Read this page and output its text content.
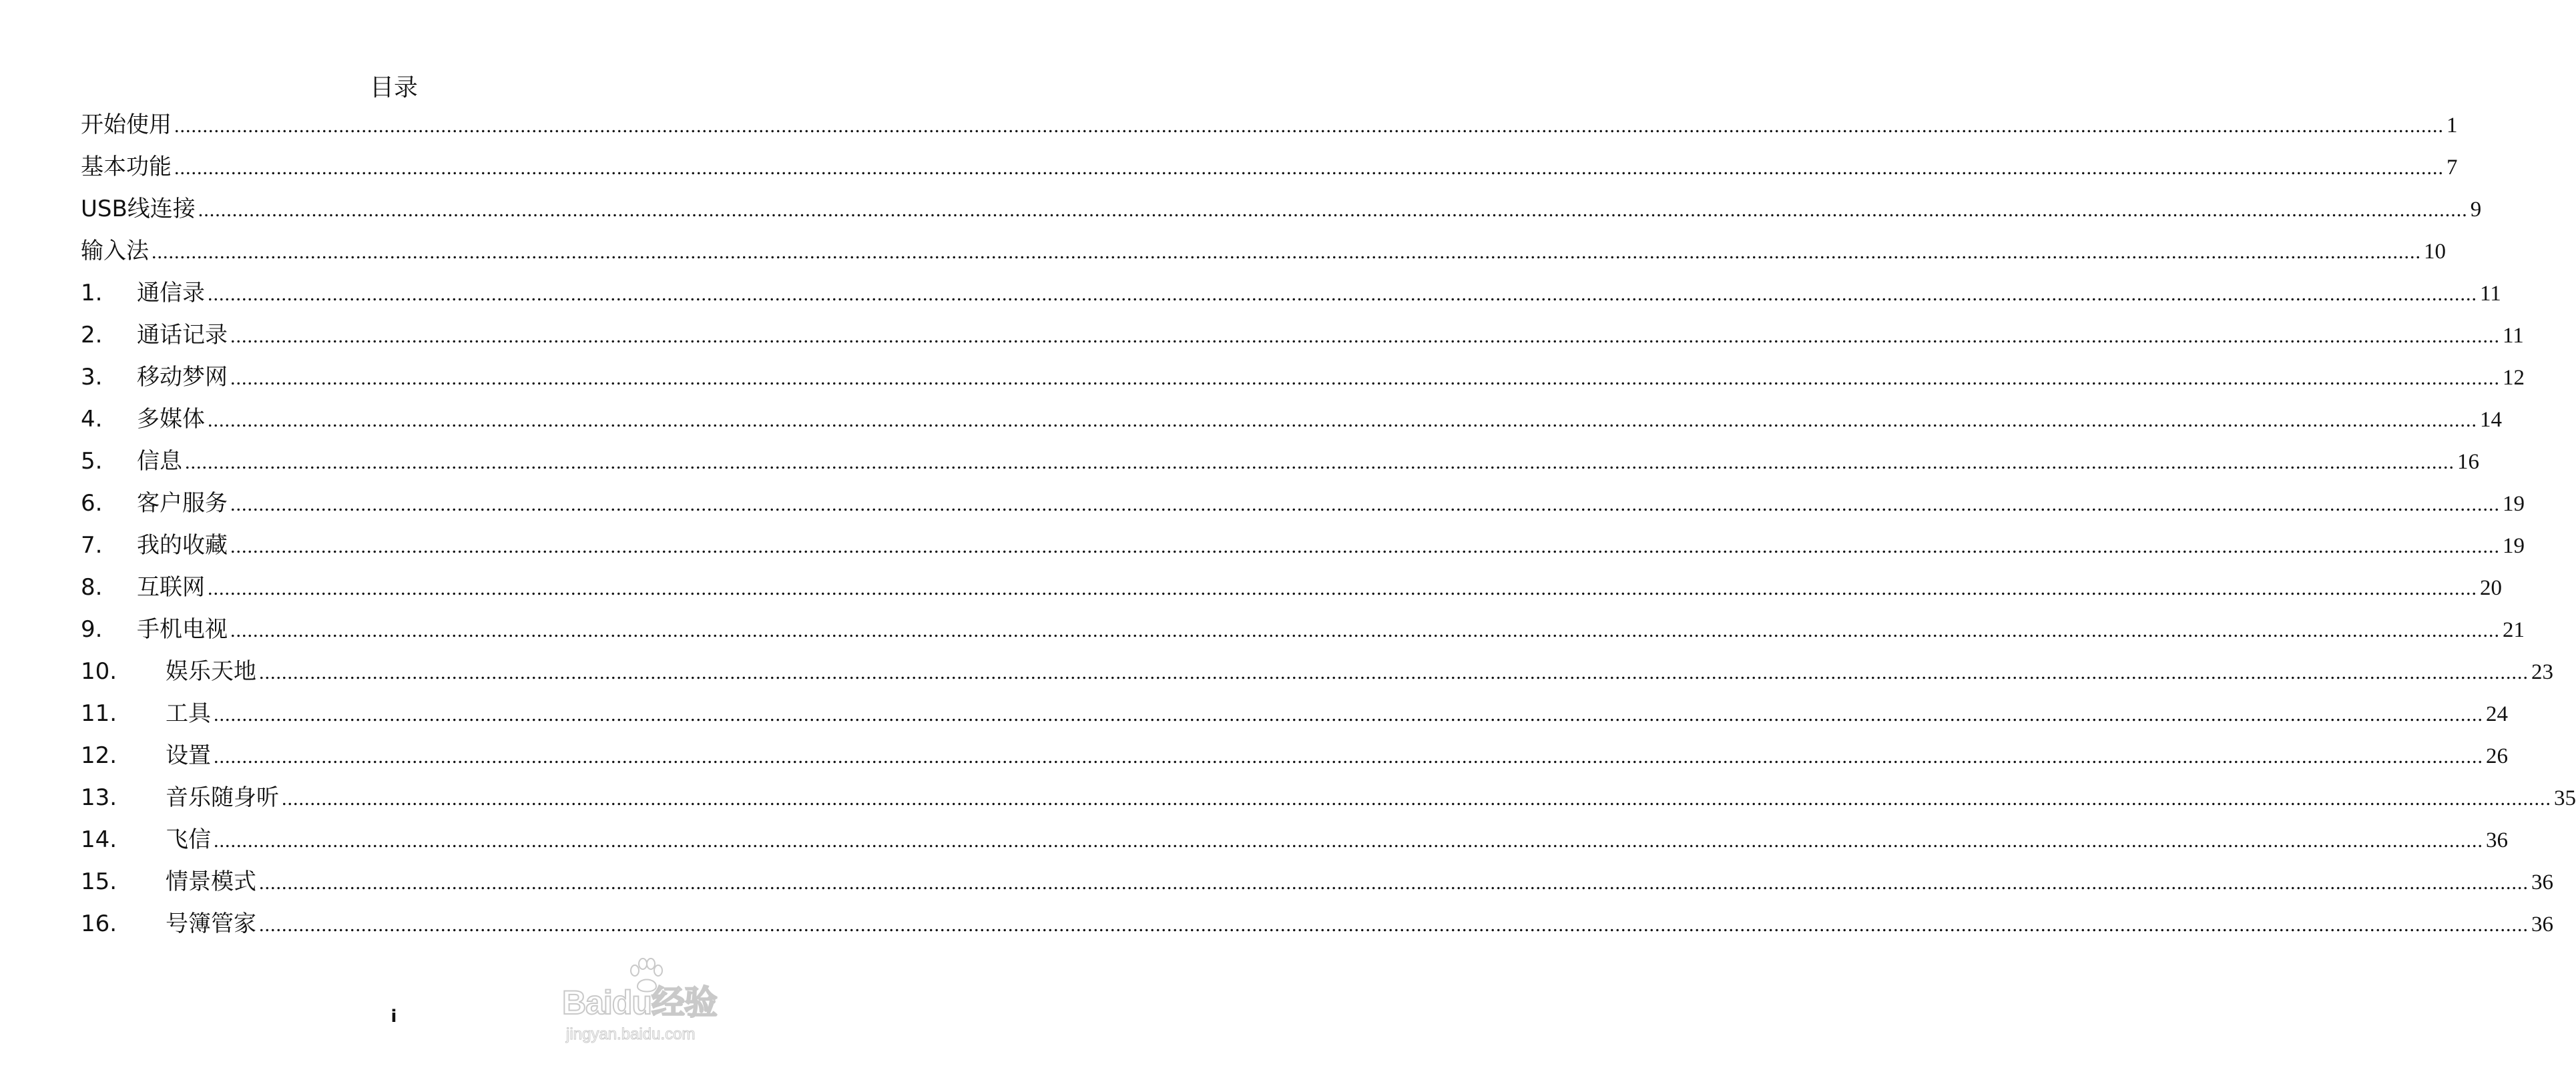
目录
开始使用 ................................................................................................................................................................................................................................................................................................................................................................................................................ 1
基本功能 ................................................................................................................................................................................................................................................................................................................................................................................................................ 7
USB线连接 ................................................................................................................................................................................................................................................................................................................................................................................................................ 9
输入法 ................................................................................................................................................................................................................................................................................................................................................................................................................ 10
1.	通信录 ................................................................................................................................................................................................................................................................................................................................................................................................................ 11
2.	通话记录 ................................................................................................................................................................................................................................................................................................................................................................................................................ 11
3.	移动梦网 ................................................................................................................................................................................................................................................................................................................................................................................................................ 12
4.	多媒体 ................................................................................................................................................................................................................................................................................................................................................................................................................ 14
5.	信息 ................................................................................................................................................................................................................................................................................................................................................................................................................ 16
6.	客户服务 ................................................................................................................................................................................................................................................................................................................................................................................................................ 19
7.	我的收藏 ................................................................................................................................................................................................................................................................................................................................................................................................................ 19
8.	互联网 ................................................................................................................................................................................................................................................................................................................................................................................................................ 20
9.	手机电视 ................................................................................................................................................................................................................................................................................................................................................................................................................ 21
10.	娱乐天地 ................................................................................................................................................................................................................................................................................................................................................................................................................ 23
11.	工具 ................................................................................................................................................................................................................................................................................................................................................................................................................ 24
12.	设置 ................................................................................................................................................................................................................................................................................................................................................................................................................ 26
13.	音乐随身听 ................................................................................................................................................................................................................................................................................................................................................................................................................ 35
14.	飞信 ................................................................................................................................................................................................................................................................................................................................................................................................................ 36
15.	情景模式 ................................................................................................................................................................................................................................................................................................................................................................................................................ 36
16.	号簿管家 ................................................................................................................................................................................................................................................................................................................................................................................................................ 36
i	Baidu经验
jingyan.baidu.com
